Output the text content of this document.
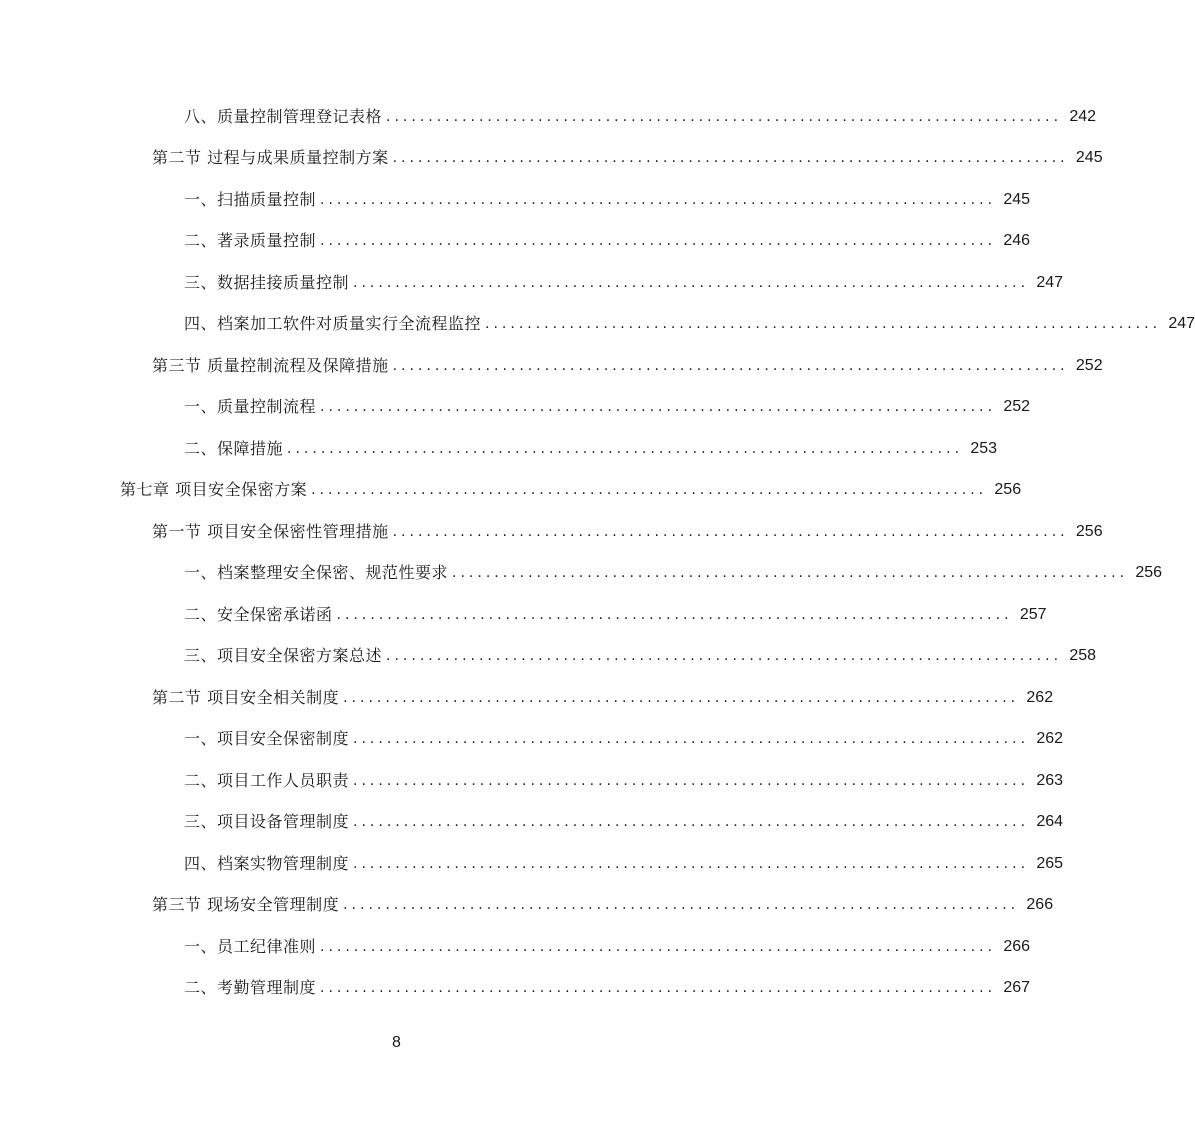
八、质量控制管理登记表格 ................................................................................ 242
第二节 过程与成果质量控制方案 ................................................................................ 245
一、扫描质量控制 ................................................................................ 245
二、著录质量控制 ................................................................................ 246
三、数据挂接质量控制 ................................................................................ 247
四、档案加工软件对质量实行全流程监控 ................................................................................ 247
第三节 质量控制流程及保障措施 ................................................................................ 252
一、质量控制流程 ................................................................................ 252
二、保障措施 ................................................................................ 253
第七章 项目安全保密方案 ................................................................................ 256
第一节 项目安全保密性管理措施 ................................................................................ 256
一、档案整理安全保密、规范性要求 ................................................................................ 256
二、安全保密承诺函 ................................................................................ 257
三、项目安全保密方案总述 ................................................................................ 258
第二节 项目安全相关制度 ................................................................................ 262
一、项目安全保密制度 ................................................................................ 262
二、项目工作人员职责 ................................................................................ 263
三、项目设备管理制度 ................................................................................ 264
四、档案实物管理制度 ................................................................................ 265
第三节 现场安全管理制度 ................................................................................ 266
一、员工纪律准则 ................................................................................ 266
二、考勤管理制度 ................................................................................ 267
8
